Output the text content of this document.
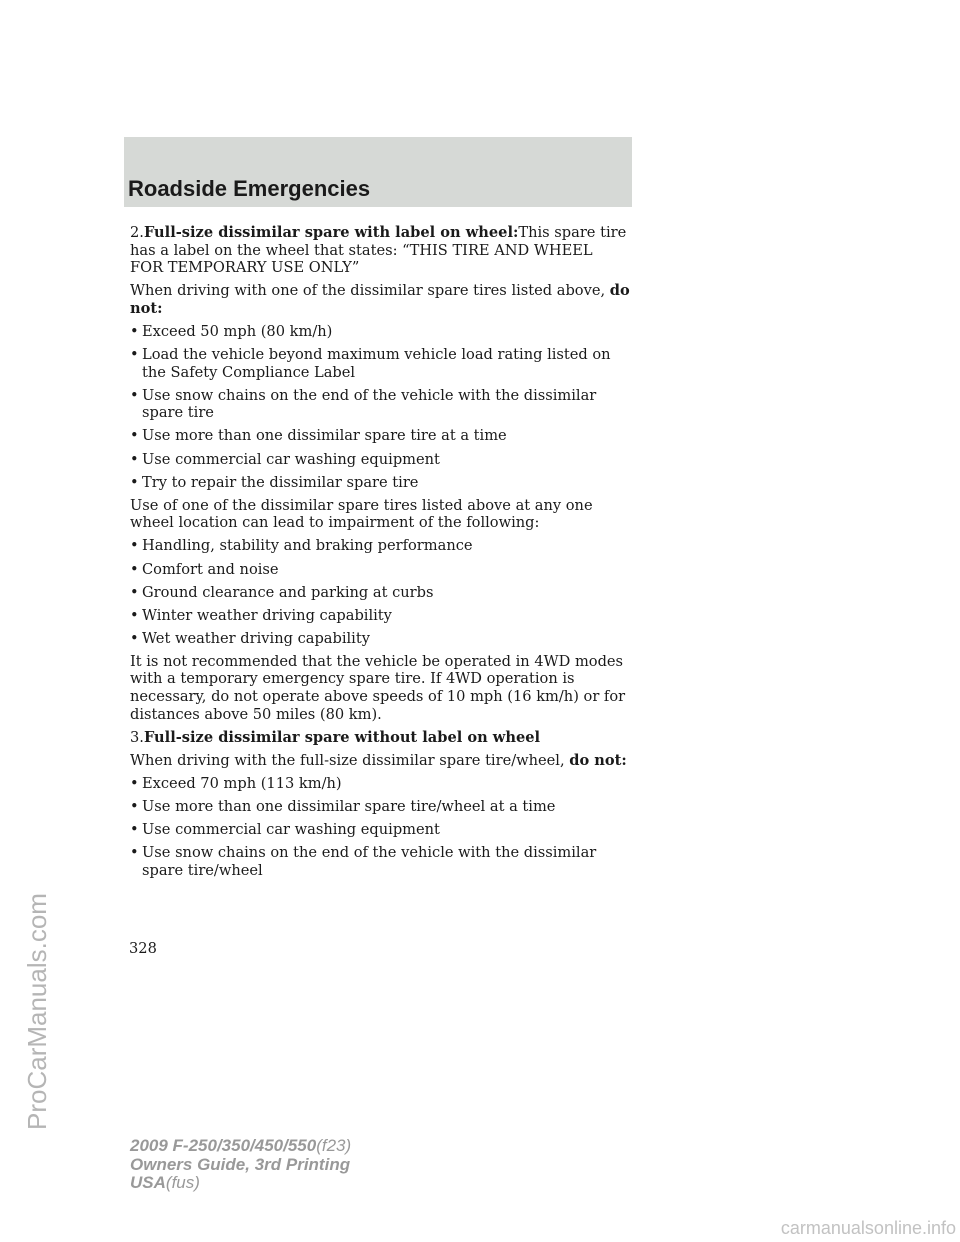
Roadside Emergencies

2.Full-size dissimilar spare with label on wheel:This spare tire has a label on the wheel that states: “THIS TIRE AND WHEEL FOR TEMPORARY USE ONLY”

When driving with one of the dissimilar spare tires listed above, do not:

• Exceed 50 mph (80 km/h)
• Load the vehicle beyond maximum vehicle load rating listed on the Safety Compliance Label
• Use snow chains on the end of the vehicle with the dissimilar spare tire
• Use more than one dissimilar spare tire at a time
• Use commercial car washing equipment
• Try to repair the dissimilar spare tire

Use of one of the dissimilar spare tires listed above at any one wheel location can lead to impairment of the following:

• Handling, stability and braking performance
• Comfort and noise
• Ground clearance and parking at curbs
• Winter weather driving capability
• Wet weather driving capability

It is not recommended that the vehicle be operated in 4WD modes with a temporary emergency spare tire. If 4WD operation is necessary, do not operate above speeds of 10 mph (16 km/h) or for distances above 50 miles (80 km).

3.Full-size dissimilar spare without label on wheel

When driving with the full-size dissimilar spare tire/wheel, do not:

• Exceed 70 mph (113 km/h)
• Use more than one dissimilar spare tire/wheel at a time
• Use commercial car washing equipment
• Use snow chains on the end of the vehicle with the dissimilar spare tire/wheel
328
2009 F-250/350/450/550(f23)
Owners Guide, 3rd Printing
USA(fus)
ProCarManuals.com
carmanualsonline.info
